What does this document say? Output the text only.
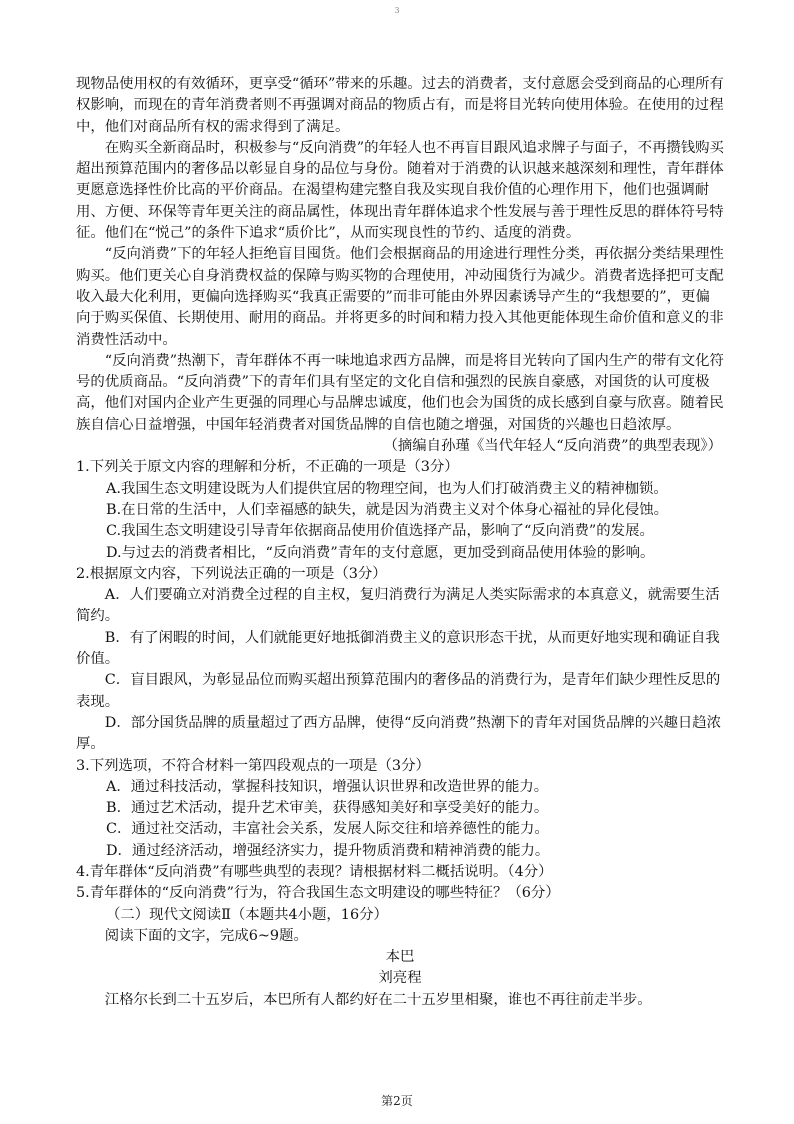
3

现物品使用权的有效循环，更享受“循环”带来的乐趣。过去的消费者，支付意愿会受到商品的心理所有权影响，而现在的青年消费者则不再强调对商品的物质占有，而是将目光转向使用体验。在使用的过程中，他们对商品所有权的需求得到了满足。

在购买全新商品时，积极参与“反向消费”的年轻人也不再盲目跟风追求牌子与面子，不再攒钱购买超出预算范围内的奢侈品以彰显自身的品位与身份。随着对于消费的认识越来越深刻和理性，青年群体更愿意选择性价比高的平价商品。在渴望构建完整自我及实现自我价值的心理作用下，他们也强调耐用、方便、环保等青年更关注的商品属性，体现出青年群体追求个性发展与善于理性反思的群体符号特征。他们在“悦己”的条件下追求“质价比”，从而实现良性的节约、适度的消费。

“反向消费”下的年轻人拒绝盲目囤货。他们会根据商品的用途进行理性分类，再依据分类结果理性购买。他们更关心自身消费权益的保障与购买物的合理使用，冲动囤货行为减少。消费者选择把可支配收入最大化利用，更偏向选择购买“我真正需要的”而非可能由外界因素诱导产生的“我想要的”，更偏向于购买保值、长期使用、耐用的商品。并将更多的时间和精力投入其他更能体现生命价值和意义的非消费性活动中。

“反向消费”热潮下，青年群体不再一味地追求西方品牌，而是将目光转向了国内生产的带有文化符号的优质商品。“反向消费”下的青年们具有坚定的文化自信和强烈的民族自豪感，对国货的认可度极高，他们对国内企业产生更强的同理心与品牌忠诚度，他们也会为国货的成长感到自豪与欣喜。随着民族自信心日益增强，中国年轻消费者对国货品牌的自信也随之增强，对国货的兴趣也日趋浓厚。

（摘编自孙瑾《当代年轻人“反向消费”的典型表现》）

1.下列关于原文内容的理解和分析，不正确的一项是（3分）
A.我国生态文明建设既为人们提供宜居的物理空间，也为人们打破消费主义的精神枷锁。
B.在日常的生活中，人们幸福感的缺失，就是因为消费主义对个体身心福祉的异化侵蚀。
C.我国生态文明建设引导青年依据商品使用价值选择产品，影响了“反向消费”的发展。
D.与过去的消费者相比，“反向消费”青年的支付意愿，更加受到商品使用体验的影响。
2.根据原文内容，下列说法正确的一项是（3分）
A．人们要确立对消费全过程的自主权，复归消费行为满足人类实际需求的本真意义，就需要生活简约。
B．有了闲暇的时间，人们就能更好地抵御消费主义的意识形态干扰，从而更好地实现和确证自我价值。
C．盲目跟风，为彰显品位而购买超出预算范围内的奢侈品的消费行为，是青年们缺少理性反思的表现。
D．部分国货品牌的质量超过了西方品牌，使得“反向消费”热潮下的青年对国货品牌的兴趣日趋浓厚。
3.下列选项，不符合材料一第四段观点的一项是（3分）
A．通过科技活动，掌握科技知识，增强认识世界和改造世界的能力。
B．通过艺术活动，提升艺术审美，获得感知美好和享受美好的能力。
C．通过社交活动，丰富社会关系，发展人际交往和培养德性的能力。
D．通过经济活动，增强经济实力，提升物质消费和精神消费的能力。
4.青年群体“反向消费”有哪些典型的表现？请根据材料二概括说明。（4分）
5.青年群体的“反向消费”行为，符合我国生态文明建设的哪些特征？（6分）
（二）现代文阅读Ⅱ（本题共4小题，16分）
阅读下面的文字，完成6~9题。
本巴
刘亮程
江格尔长到二十五岁后，本巴所有人都约好在二十五岁里相聚，谁也不再往前走半步。
第2页
